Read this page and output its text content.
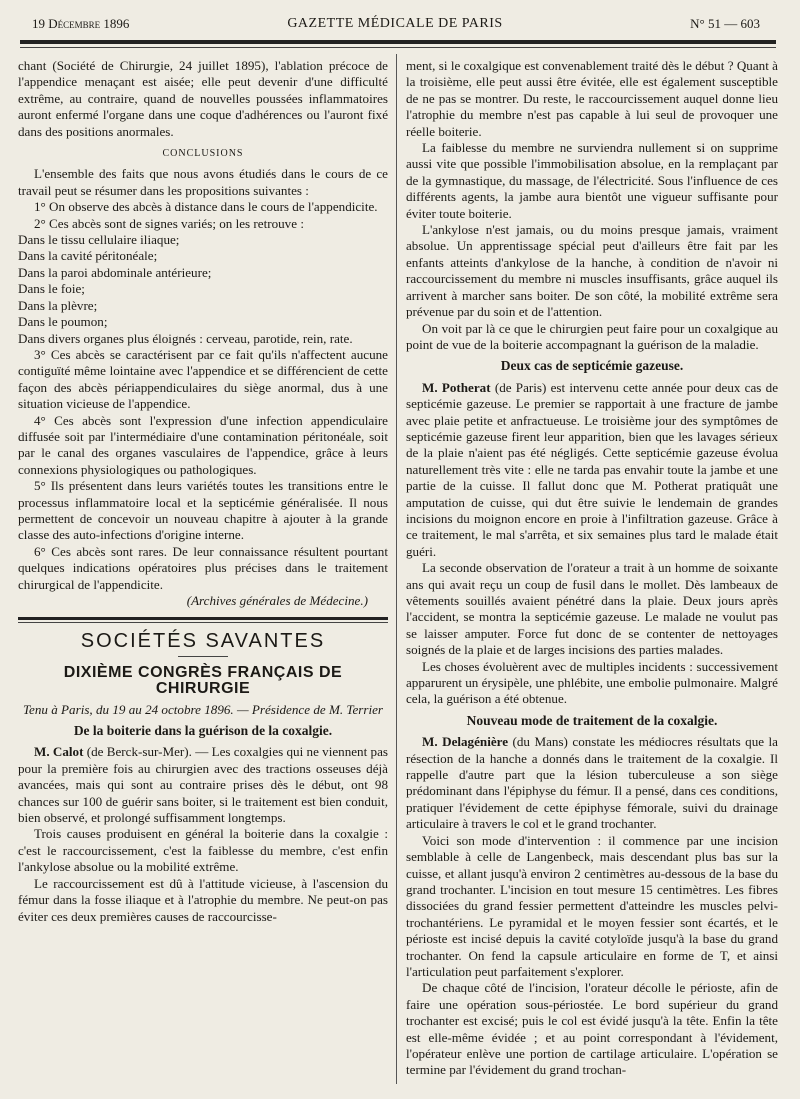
19 Décembre 1896	GAZETTE MÉDICALE DE PARIS	N° 51 — 603

chant (Société de Chirurgie, 24 juillet 1895), l'ablation précoce de l'appendice menaçant est aisée; elle peut devenir d'une difficulté extrême, au contraire, quand de nouvelles poussées inflammatoires auront enfermé l'organe dans une coque d'adhérences ou l'auront fixé dans des positions anormales.

CONCLUSIONS

L'ensemble des faits que nous avons étudiés dans le cours de ce travail peut se résumer dans les propositions suivantes :

1° On observe des abcès à distance dans le cours de l'appendicite.

2° Ces abcès sont de signes variés; on les retrouve :

Dans le tissu cellulaire iliaque;

Dans la cavité péritonéale;

Dans la paroi abdominale antérieure;

Dans le foie;

Dans la plèvre;

Dans le poumon;

Dans divers organes plus éloignés : cerveau, parotide, rein, rate.

3° Ces abcès se caractérisent par ce fait qu'ils n'affectent aucune contiguïté même lointaine avec l'appendice et se différencient de cette façon des abcès périappendiculaires du siège anormal, dus à une situation vicieuse de l'appendice.

4° Ces abcès sont l'expression d'une infection appendiculaire diffusée soit par l'intermédiaire d'une contamination péritonéale, soit par le canal des organes vasculaires de l'appendice, grâce à leurs connexions physiologiques ou pathologiques.

5° Ils présentent dans leurs variétés toutes les transitions entre le processus inflammatoire local et la septicémie généralisée. Il nous permettent de concevoir un nouveau chapitre à ajouter à la grande classe des auto-infections d'origine interne.

6° Ces abcès sont rares. De leur connaissance résultent pourtant quelques indications opératoires plus précises dans le traitement chirurgical de l'appendicite.

(Archives générales de Médecine.)
SOCIÉTÉS SAVANTES
DIXIÈME CONGRÈS FRANÇAIS DE CHIRURGIE
Tenu à Paris, du 19 au 24 octobre 1896. — Présidence de M. Terrier
De la boiterie dans la guérison de la coxalgie.

M. Calot (de Berck-sur-Mer). — Les coxalgies qui ne viennent pas pour la première fois au chirurgien avec des tractions osseuses déjà avancées, mais qui sont au contraire prises dès le début, ont 98 chances sur 100 de guérir sans boiter, si le traitement est bien conduit, bien observé, et prolongé suffisamment longtemps.

Trois causes produisent en général la boiterie dans la coxalgie : c'est le raccourcissement, c'est la faiblesse du membre, c'est enfin l'ankylose absolue ou la mobilité extrême.

Le raccourcissement est dû à l'attitude vicieuse, à l'ascension du fémur dans la fosse iliaque et à l'atrophie du membre. Ne peut-on pas éviter ces deux premières causes de raccourcisse-

ment, si le coxalgique est convenablement traité dès le début ? Quant à la troisième, elle peut aussi être évitée, elle est également susceptible de ne pas se montrer. Du reste, le raccourcissement auquel donne lieu l'atrophie du membre n'est pas capable à lui seul de provoquer une réelle boiterie.

La faiblesse du membre ne surviendra nullement si on supprime aussi vite que possible l'immobilisation absolue, en la remplaçant par de la gymnastique, du massage, de l'électricité. Sous l'influence de ces différents agents, la jambe aura bientôt une vigueur suffisante pour éviter toute boiterie.

L'ankylose n'est jamais, ou du moins presque jamais, vraiment absolue. Un apprentissage spécial peut d'ailleurs être fait par les enfants atteints d'ankylose de la hanche, à condition de n'avoir ni raccourcissement du membre ni muscles insuffisants, grâce auquel ils arrivent à marcher sans boiter. De son côté, la mobilité extrême sera prévenue par du soin et de l'attention.

On voit par là ce que le chirurgien peut faire pour un coxalgique au point de vue de la boiterie accompagnant la guérison de la maladie.

Deux cas de septicémie gazeuse.

M. Potherat (de Paris) est intervenu cette année pour deux cas de septicémie gazeuse. Le premier se rapportait à une fracture de jambe avec plaie petite et anfractueuse. Le troisième jour des symptômes de septicémie gazeuse firent leur apparition, bien que les lavages sérieux de la plaie n'aient pas été négligés. Cette septicémie gazeuse évolua naturellement très vite : elle ne tarda pas envahir toute la jambe et une partie de la cuisse. Il fallut donc que M. Potherat pratiquât une amputation de cuisse, qui dut être suivie le lendemain de grandes incisions du moignon encore en proie à l'infiltration gazeuse. Grâce à ce traitement, le mal s'arrêta, et six semaines plus tard le malade était guéri.

La seconde observation de l'orateur a trait à un homme de soixante ans qui avait reçu un coup de fusil dans le mollet. Dès lambeaux de vêtements souillés avaient pénétré dans la plaie. Deux jours après l'accident, se montra la septicémie gazeuse. Le malade ne voulut pas se laisser amputer. Force fut donc de se contenter de nettoyages soignés de la plaie et de larges incisions des parties malades.

Les choses évoluèrent avec de multiples incidents : successivement apparurent un érysipèle, une phlébite, une embolie pulmonaire. Malgré cela, la guérison a été obtenue.

Nouveau mode de traitement de la coxalgie.

M. Delagénière (du Mans) constate les médiocres résultats que la résection de la hanche a donnés dans le traitement de la coxalgie. Il rappelle d'autre part que la lésion tuberculeuse a son siège prédominant dans l'épiphyse du fémur. Il a pensé, dans ces conditions, pratiquer l'évidement de cette épiphyse fémorale, suivi du drainage articulaire à travers le col et le grand trochanter.

Voici son mode d'intervention : il commence par une incision semblable à celle de Langenbeck, mais descendant plus bas sur la cuisse, et allant jusqu'à environ 2 centimètres au-dessous de la base du grand trochanter. L'incision en tout mesure 15 centimètres. Les fibres dissociées du grand fessier permettent d'atteindre les muscles pelvi-trochantériens. Le pyramidal et le moyen fessier sont écartés, et le périoste est incisé depuis la cavité cotyloïde jusqu'à la base du grand trochanter. On fend la capsule articulaire en forme de T, et ainsi l'articulation peut parfaitement s'explorer.

De chaque côté de l'incision, l'orateur décolle le périoste, afin de faire une opération sous-périostée. Le bord supérieur du grand trochanter est excisé; puis le col est évidé jusqu'à la tête. Enfin la tête est elle-même évidée ; et au point correspondant à l'évidement, l'opérateur enlève une portion de cartilage articulaire. L'opération se termine par l'évidement du grand trochan-
